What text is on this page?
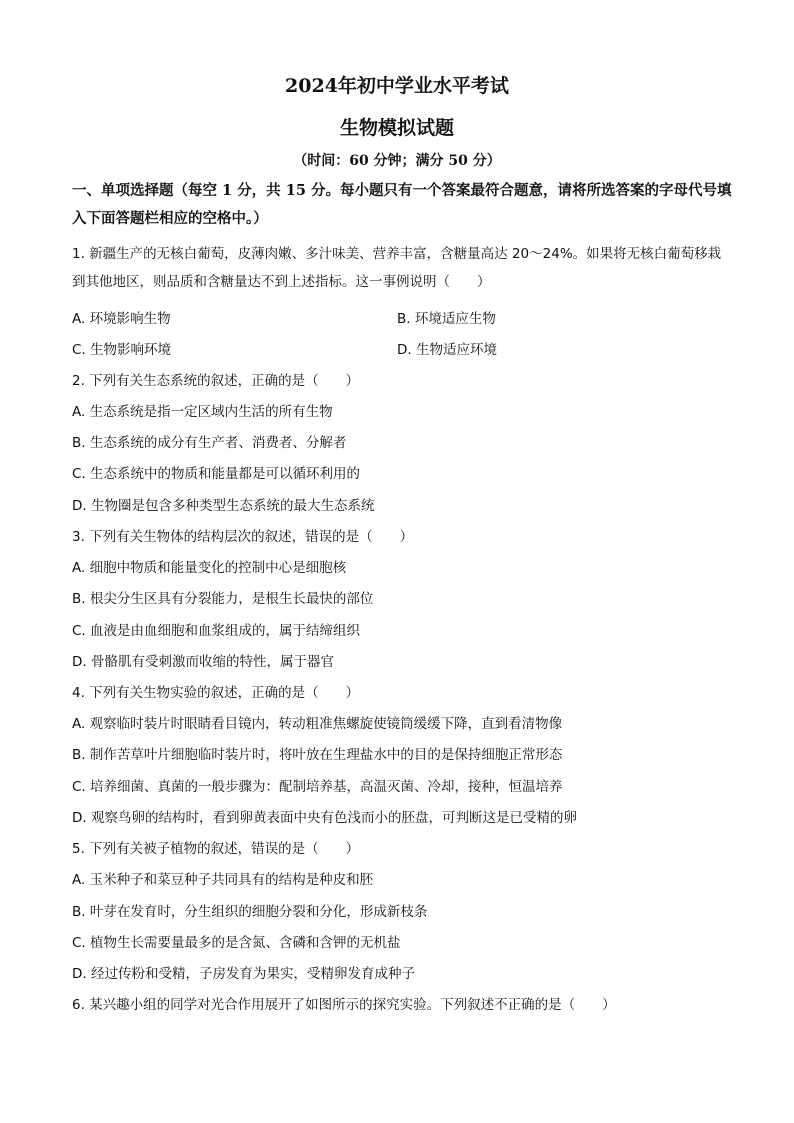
2024年初中学业水平考试
生物模拟试题
（时间：60 分钟；满分 50 分）
一、单项选择题（每空 1 分，共 15 分。每小题只有一个答案最符合题意，请将所选答案的字母代号填入下面答题栏相应的空格中。）
1. 新疆生产的无核白葡萄，皮薄肉嫩、多汁味美、营养丰富，含糖量高达 20～24%。如果将无核白葡萄移栽到其他地区，则品质和含糖量达不到上述指标。这一事例说明（　　）
A. 环境影响生物	B. 环境适应生物
C. 生物影响环境	D. 生物适应环境
2. 下列有关生态系统的叙述，正确的是（　　）
A. 生态系统是指一定区域内生活的所有生物
B. 生态系统的成分有生产者、消费者、分解者
C. 生态系统中的物质和能量都是可以循环利用的
D. 生物圈是包含多种类型生态系统的最大生态系统
3. 下列有关生物体的结构层次的叙述，错误的是（　　）
A. 细胞中物质和能量变化的控制中心是细胞核
B. 根尖分生区具有分裂能力，是根生长最快的部位
C. 血液是由血细胞和血浆组成的，属于结缔组织
D. 骨骼肌有受刺激而收缩的特性，属于器官
4. 下列有关生物实验的叙述，正确的是（　　）
A. 观察临时装片时眼睛看目镜内，转动粗准焦螺旋使镜筒缓缓下降，直到看清物像
B. 制作苦草叶片细胞临时装片时，将叶放在生理盐水中的目的是保持细胞正常形态
C. 培养细菌、真菌的一般步骤为：配制培养基，高温灭菌、冷却，接种，恒温培养
D. 观察鸟卵的结构时，看到卵黄表面中央有色浅而小的胚盘，可判断这是已受精的卵
5. 下列有关被子植物的叙述，错误的是（　　）
A. 玉米种子和菜豆种子共同具有的结构是种皮和胚
B. 叶芽在发育时，分生组织的细胞分裂和分化，形成新枝条
C. 植物生长需要量最多的是含氮、含磷和含钾的无机盐
D. 经过传粉和受精，子房发育为果实，受精卵发育成种子
6. 某兴趣小组的同学对光合作用展开了如图所示的探究实验。下列叙述不正确的是（　　）
